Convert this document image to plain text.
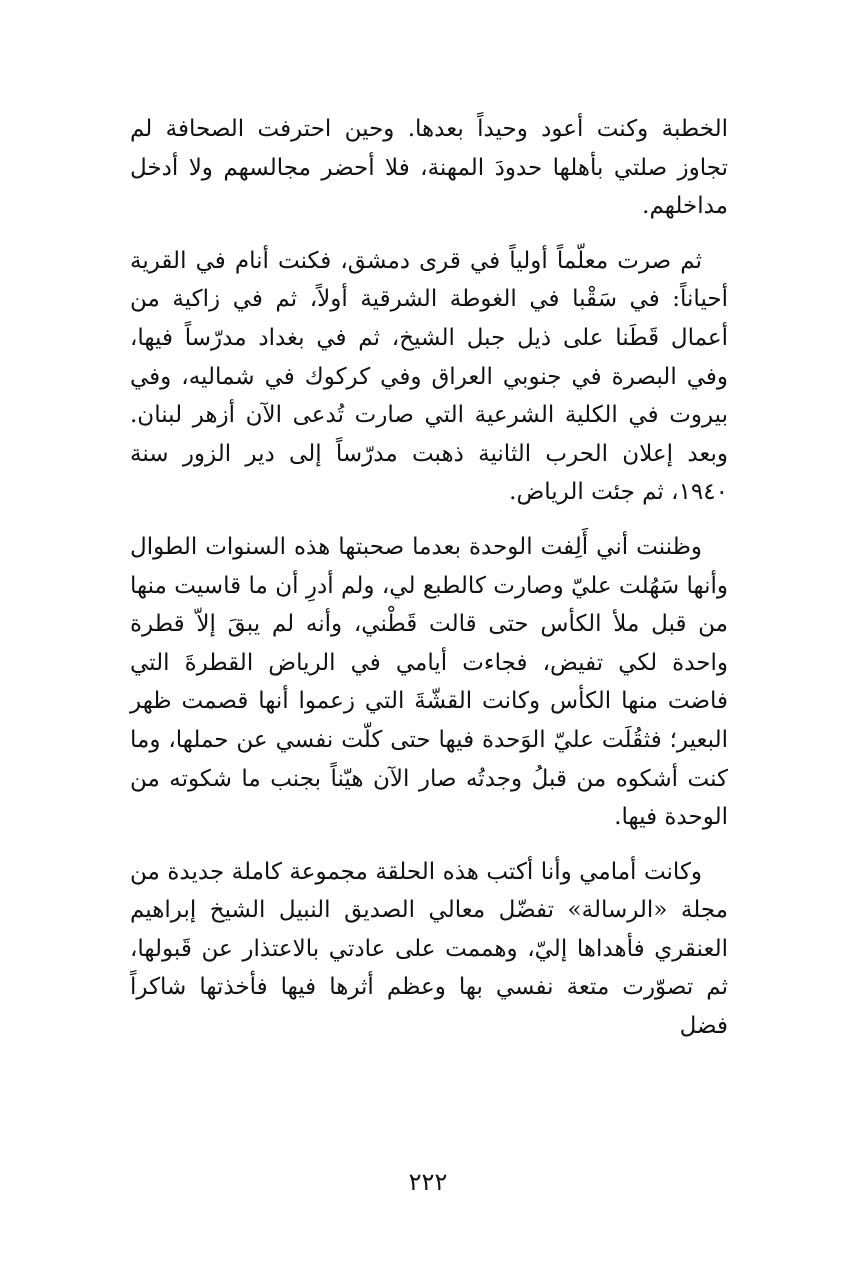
الخطبة وكنت أعود وحيداً بعدها. وحين احترفت الصحافة لم تجاوز صلتي بأهلها حدودَ المهنة، فلا أحضر مجالسهم ولا أدخل مداخلهم.

ثم صرت معلّماً أولياً في قرى دمشق، فكنت أنام في القرية أحياناً: في سَقْبا في الغوطة الشرقية أولاً، ثم في زاكية من أعمال قَطَنا على ذيل جبل الشيخ، ثم في بغداد مدرّساً فيها، وفي البصرة في جنوبي العراق وفي كركوك في شماليه، وفي بيروت في الكلية الشرعية التي صارت تُدعى الآن أزهر لبنان. وبعد إعلان الحرب الثانية ذهبت مدرّساً إلى دير الزور سنة ١٩٤٠، ثم جئت الرياض.

وظننت أني أَلِفت الوحدة بعدما صحبتها هذه السنوات الطوال وأنها سَهُلت عليّ وصارت كالطبع لي، ولم أدرِ أن ما قاسيت منها من قبل ملأ الكأس حتى قالت قَطْني، وأنه لم يبقَ إلاّ قطرة واحدة لكي تفيض، فجاءت أيامي في الرياض القطرةَ التي فاضت منها الكأس وكانت القشّةَ التي زعموا أنها قصمت ظهر البعير؛ فثقُلَت عليّ الوَحدة فيها حتى كلّت نفسي عن حملها، وما كنت أشكوه من قبلُ وجدتُه صار الآن هيّناً بجنب ما شكوته من الوحدة فيها.

وكانت أمامي وأنا أكتب هذه الحلقة مجموعة كاملة جديدة من مجلة «الرسالة» تفضّل معالي الصديق النبيل الشيخ إبراهيم العنقري فأهداها إليّ، وهممت على عادتي بالاعتذار عن قَبولها، ثم تصوّرت متعة نفسي بها وعظم أثرها فيها فأخذتها شاكراً فضل

٢٢٢
